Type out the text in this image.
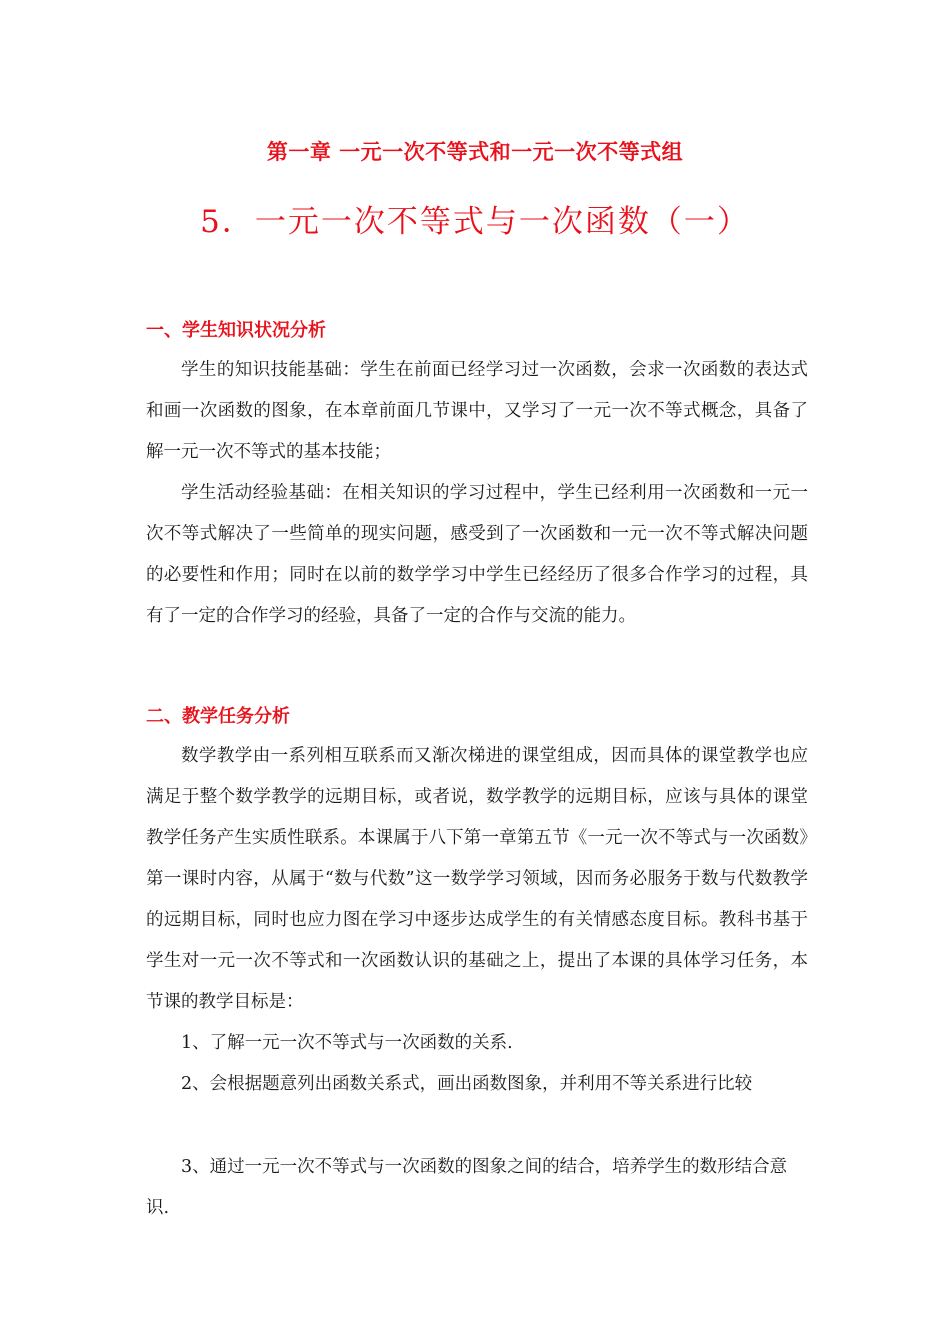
第一章 一元一次不等式和一元一次不等式组
5．一元一次不等式与一次函数（一）
一、学生知识状况分析

学生的知识技能基础：学生在前面已经学习过一次函数，会求一次函数的表达式和画一次函数的图象，在本章前面几节课中，又学习了一元一次不等式概念，具备了解一元一次不等式的基本技能；

学生活动经验基础：在相关知识的学习过程中，学生已经利用一次函数和一元一次不等式解决了一些简单的现实问题，感受到了一次函数和一元一次不等式解决问题的必要性和作用；同时在以前的数学学习中学生已经经历了很多合作学习的过程，具有了一定的合作学习的经验，具备了一定的合作与交流的能力。

二、教学任务分析

数学教学由一系列相互联系而又渐次梯进的课堂组成，因而具体的课堂教学也应满足于整个数学教学的远期目标，或者说，数学教学的远期目标，应该与具体的课堂教学任务产生实质性联系。本课属于八下第一章第五节《一元一次不等式与一次函数》第一课时内容，从属于“数与代数”这一数学学习领域，因而务必服务于数与代数教学的远期目标，同时也应力图在学习中逐步达成学生的有关情感态度目标。教科书基于学生对一元一次不等式和一次函数认识的基础之上，提出了本课的具体学习任务，本节课的教学目标是：

1、了解一元一次不等式与一次函数的关系.

2、会根据题意列出函数关系式，画出函数图象，并利用不等关系进行比较

3、通过一元一次不等式与一次函数的图象之间的结合，培养学生的数形结合意识.
